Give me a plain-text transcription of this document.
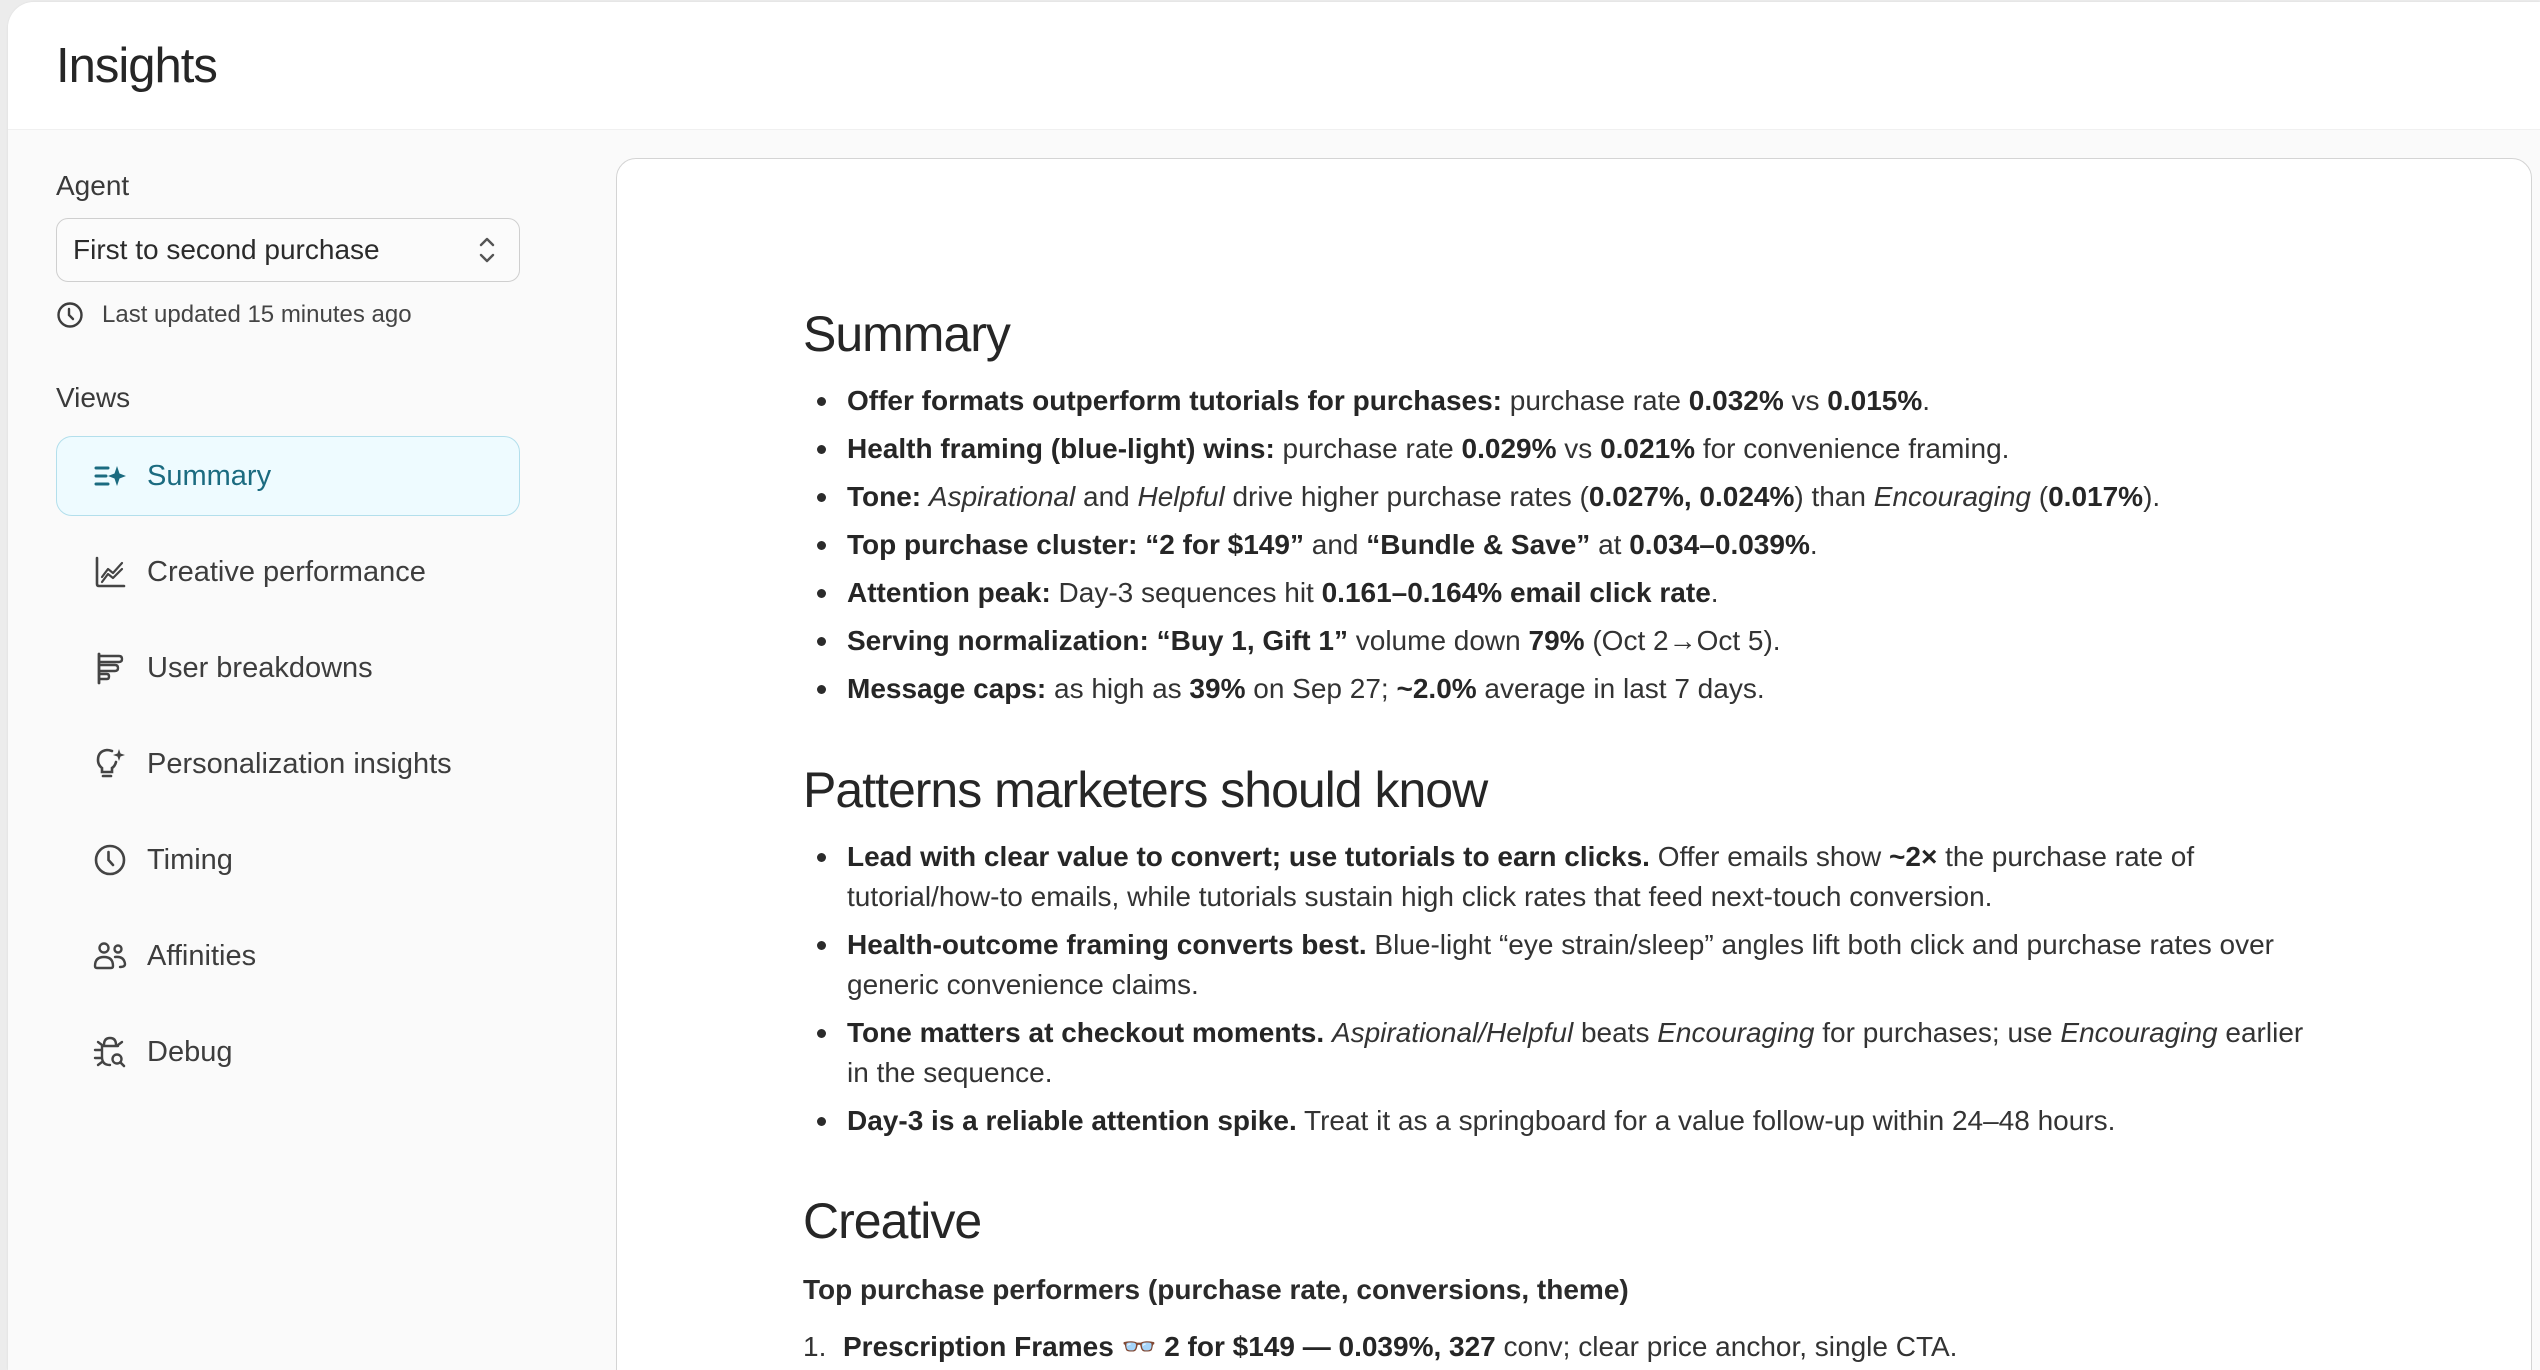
Insights
Agent
First to second purchase
Last updated 15 minutes ago
Views
Summary
Creative performance
User breakdowns
Personalization insights
Timing
Affinities
Debug
Summary
Offer formats outperform tutorials for purchases: purchase rate 0.032% vs 0.015%.
Health framing (blue-light) wins: purchase rate 0.029% vs 0.021% for convenience framing.
Tone: Aspirational and Helpful drive higher purchase rates (0.027%, 0.024%) than Encouraging (0.017%).
Top purchase cluster: “2 for $149” and “Bundle & Save” at 0.034–0.039%.
Attention peak: Day-3 sequences hit 0.161–0.164% email click rate.
Serving normalization: “Buy 1, Gift 1” volume down 79% (Oct 2→Oct 5).
Message caps: as high as 39% on Sep 27; ~2.0% average in last 7 days.
Patterns marketers should know
Lead with clear value to convert; use tutorials to earn clicks. Offer emails show ~2× the purchase rate of tutorial/how-to emails, while tutorials sustain high click rates that feed next-touch conversion.
Health-outcome framing converts best. Blue-light “eye strain/sleep” angles lift both click and purchase rates over generic convenience claims.
Tone matters at checkout moments. Aspirational/Helpful beats Encouraging for purchases; use Encouraging earlier in the sequence.
Day-3 is a reliable attention spike. Treat it as a springboard for a value follow-up within 24–48 hours.
Creative
Top purchase performers (purchase rate, conversions, theme)
1. Prescription Frames 👓 2 for $149 — 0.039%, 327 conv; clear price anchor, single CTA.
